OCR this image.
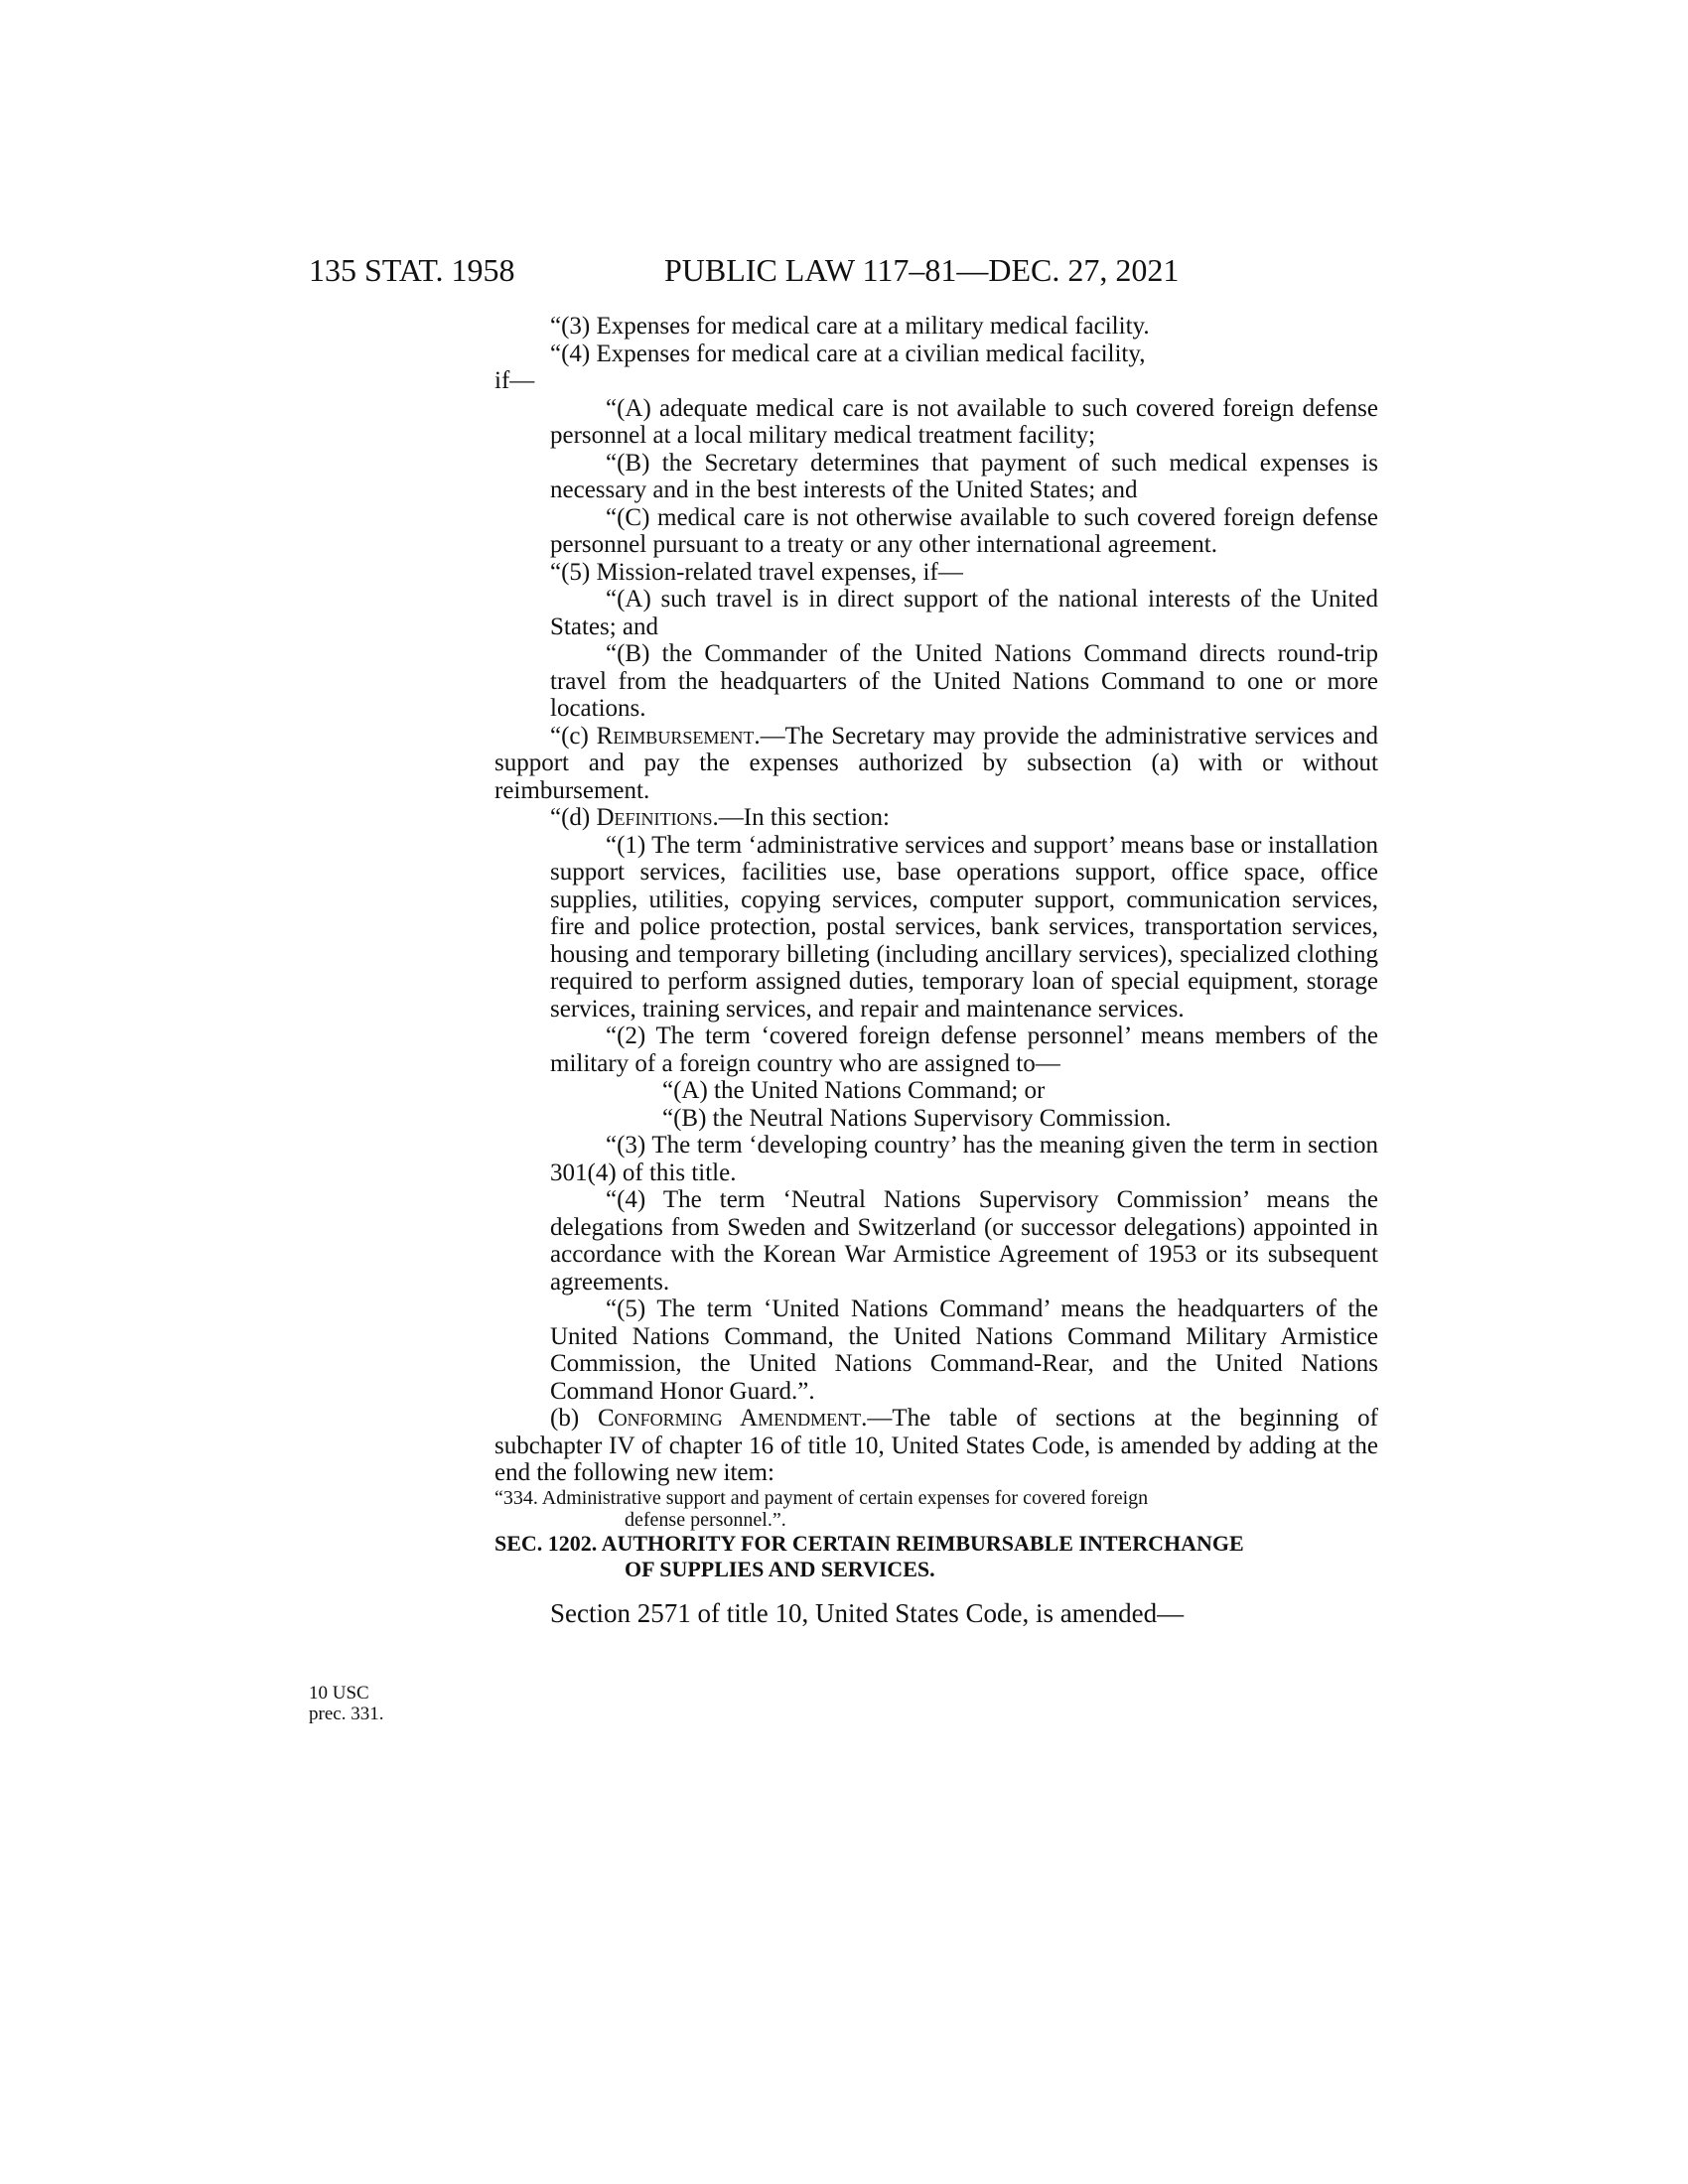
135 STAT. 1958	PUBLIC LAW 117–81—DEC. 27, 2021
10 USC
prec. 331.

“(3) Expenses for medical care at a military medical facility.

“(4) Expenses for medical care at a civilian medical facility,

if—

“(A) adequate medical care is not available to such covered foreign defense personnel at a local military medical treatment facility;

“(B) the Secretary determines that payment of such medical expenses is necessary and in the best interests of the United States; and

“(C) medical care is not otherwise available to such covered foreign defense personnel pursuant to a treaty or any other international agreement.

“(5) Mission-related travel expenses, if—

“(A) such travel is in direct support of the national interests of the United States; and

“(B) the Commander of the United Nations Command directs round-trip travel from the headquarters of the United Nations Command to one or more locations.

“(c) Reimbursement.—The Secretary may provide the administrative services and support and pay the expenses authorized by subsection (a) with or without reimbursement.

“(d) Definitions.—In this section:

“(1) The term ‘administrative services and support’ means base or installation support services, facilities use, base operations support, office space, office supplies, utilities, copying services, computer support, communication services, fire and police protection, postal services, bank services, transportation services, housing and temporary billeting (including ancillary services), specialized clothing required to perform assigned duties, temporary loan of special equipment, storage services, training services, and repair and maintenance services.

“(2) The term ‘covered foreign defense personnel’ means members of the military of a foreign country who are assigned to—

“(A) the United Nations Command; or

“(B) the Neutral Nations Supervisory Commission.

“(3) The term ‘developing country’ has the meaning given the term in section 301(4) of this title.

“(4) The term ‘Neutral Nations Supervisory Commission’ means the delegations from Sweden and Switzerland (or successor delegations) appointed in accordance with the Korean War Armistice Agreement of 1953 or its subsequent agreements.

“(5) The term ‘United Nations Command’ means the headquarters of the United Nations Command, the United Nations Command Military Armistice Commission, the United Nations Command-Rear, and the United Nations Command Honor Guard.”.

(b) Conforming Amendment.—The table of sections at the beginning of subchapter IV of chapter 16 of title 10, United States Code, is amended by adding at the end the following new item:

“334. Administrative support and payment of certain expenses for covered foreign
defense personnel.”.

SEC. 1202. AUTHORITY FOR CERTAIN REIMBURSABLE INTERCHANGE
OF SUPPLIES AND SERVICES.

Section 2571 of title 10, United States Code, is amended—
